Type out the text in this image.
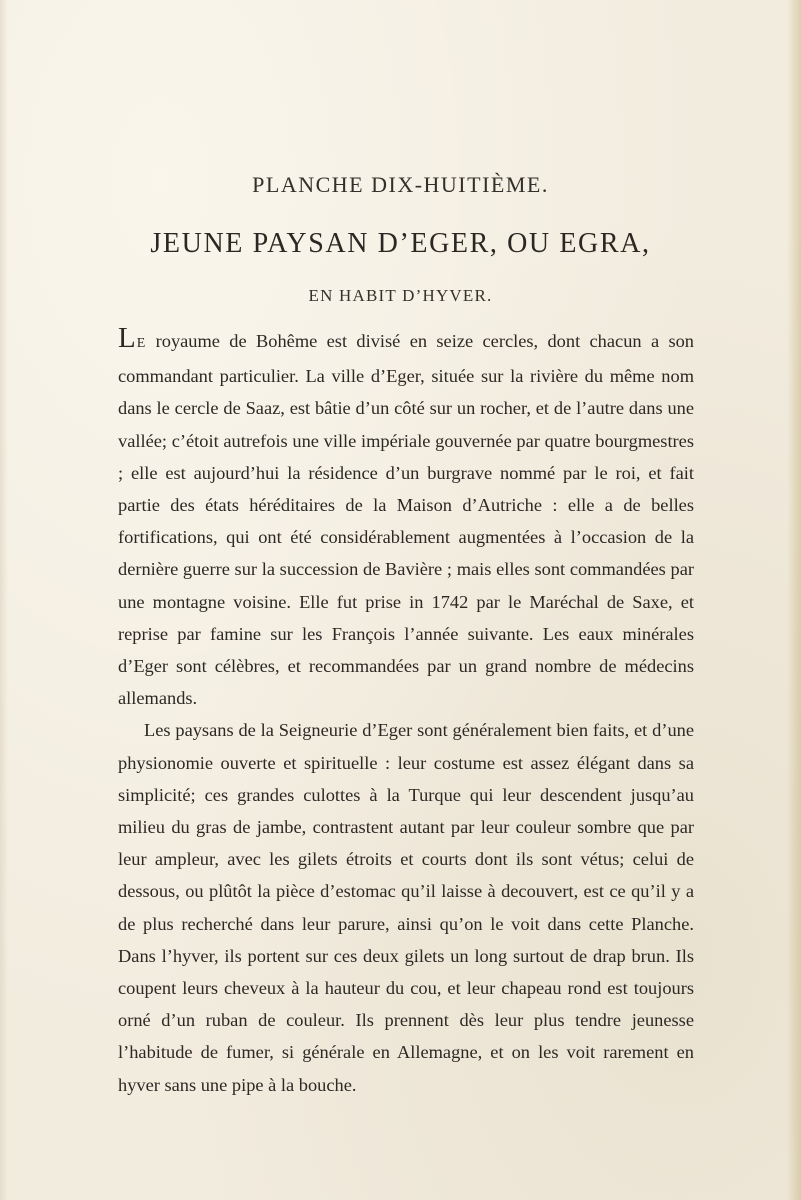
PLANCHE DIX-HUITIÈME.
JEUNE PAYSAN D’EGER, OU EGRA,
EN HABIT D’HYVER.

LE royaume de Bohême est divisé en seize cercles, dont chacun a son commandant particulier. La ville d’Eger, située sur la rivière du même nom dans le cercle de Saaz, est bâtie d’un côté sur un rocher, et de l’autre dans une vallée; c’étoit autrefois une ville impériale gouvernée par quatre bourgmestres ; elle est aujourd’hui la résidence d’un burgrave nommé par le roi, et fait partie des états héréditaires de la Maison d’Autriche : elle a de belles fortifications, qui ont été considérablement augmentées à l’occasion de la dernière guerre sur la succession de Bavière ; mais elles sont commandées par une montagne voisine. Elle fut prise in 1742 par le Maréchal de Saxe, et reprise par famine sur les François l’année suivante. Les eaux minérales d’Eger sont célèbres, et recommandées par un grand nombre de médecins allemands.

Les paysans de la Seigneurie d’Eger sont généralement bien faits, et d’une physionomie ouverte et spirituelle : leur costume est assez élégant dans sa simplicité; ces grandes culottes à la Turque qui leur descendent jusqu’au milieu du gras de jambe, contrastent autant par leur couleur sombre que par leur ampleur, avec les gilets étroits et courts dont ils sont vétus; celui de dessous, ou plûtôt la pièce d’estomac qu’il laisse à decouvert, est ce qu’il y a de plus recherché dans leur parure, ainsi qu’on le voit dans cette Planche. Dans l’hyver, ils portent sur ces deux gilets un long surtout de drap brun. Ils coupent leurs cheveux à la hauteur du cou, et leur chapeau rond est toujours orné d’un ruban de couleur. Ils prennent dès leur plus tendre jeunesse l’habitude de fumer, si générale en Allemagne, et on les voit rarement en hyver sans une pipe à la bouche.
